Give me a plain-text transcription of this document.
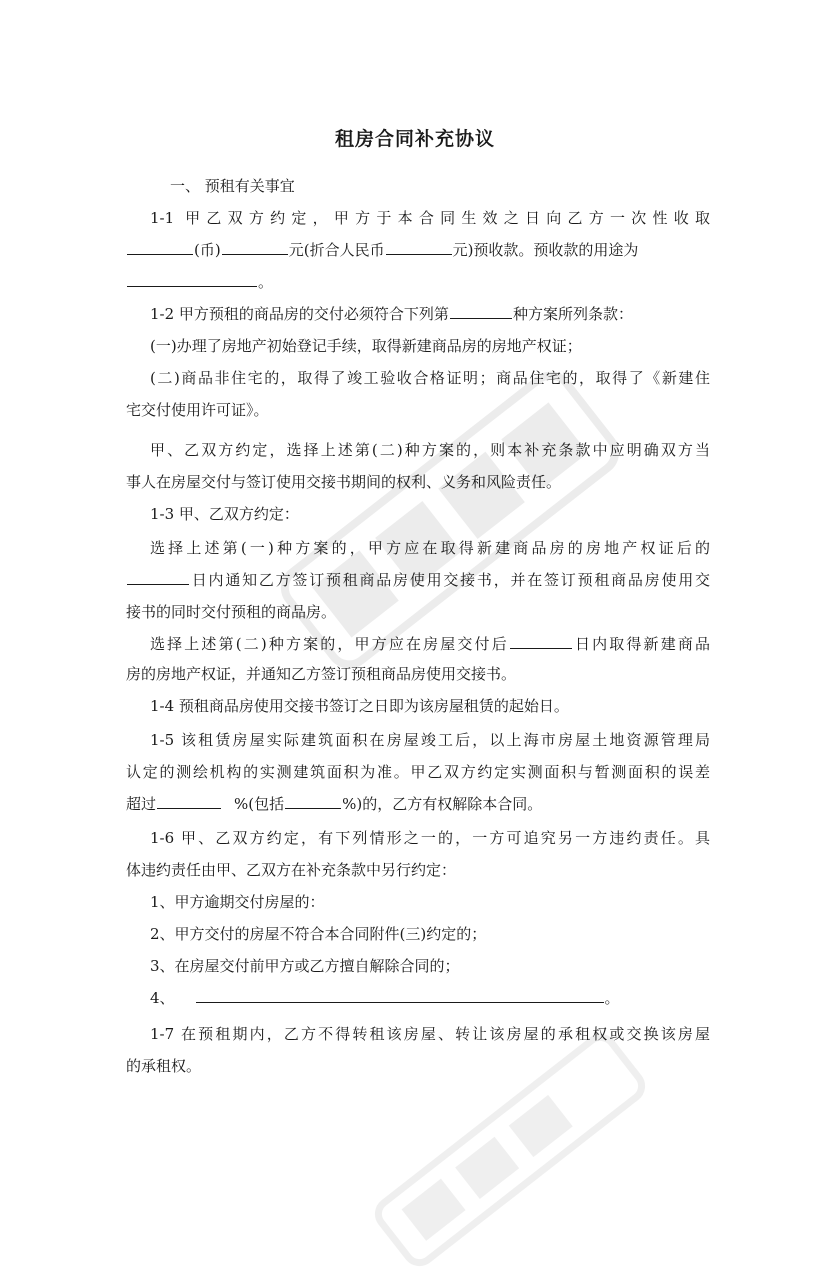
租房合同补充协议
一、 预租有关事宜
1-1 甲乙双方约定，甲方于本合同生效之日向乙方一次性收取
(币)	元(折合人民币	元)预收款。预收款的用途为
。
1-2 甲方预租的商品房的交付必须符合下列第	种方案所列条款：
(一)办理了房地产初始登记手续，取得新建商品房的房地产权证；
(二)商品非住宅的，取得了竣工验收合格证明；商品住宅的，取得了《新建住
宅交付使用许可证》。
甲、乙双方约定，选择上述第(二)种方案的，则本补充条款中应明确双方当
事人在房屋交付与签订使用交接书期间的权利、义务和风险责任。
1-3 甲、乙双方约定：
选择上述第(一)种方案的，甲方应在取得新建商品房的房地产权证后的
日内通知乙方签订预租商品房使用交接书，并在签订预租商品房使用交
接书的同时交付预租的商品房。
选择上述第(二)种方案的，甲方应在房屋交付后	日内取得新建商品
房的房地产权证，并通知乙方签订预租商品房使用交接书。
1-4 预租商品房使用交接书签订之日即为该房屋租赁的起始日。
1-5 该租赁房屋实际建筑面积在房屋竣工后，以上海市房屋土地资源管理局
认定的测绘机构的实测建筑面积为准。甲乙双方约定实测面积与暂测面积的误差
超过	%(包括	%)的，乙方有权解除本合同。
1-6 甲、乙双方约定，有下列情形之一的，一方可追究另一方违约责任。具
体违约责任由甲、乙双方在补充条款中另行约定：
1、甲方逾期交付房屋的：
2、甲方交付的房屋不符合本合同附件(三)约定的；
3、在房屋交付前甲方或乙方擅自解除合同的；
4、	。
1-7 在预租期内，乙方不得转租该房屋、转让该房屋的承租权或交换该房屋
的承租权。
